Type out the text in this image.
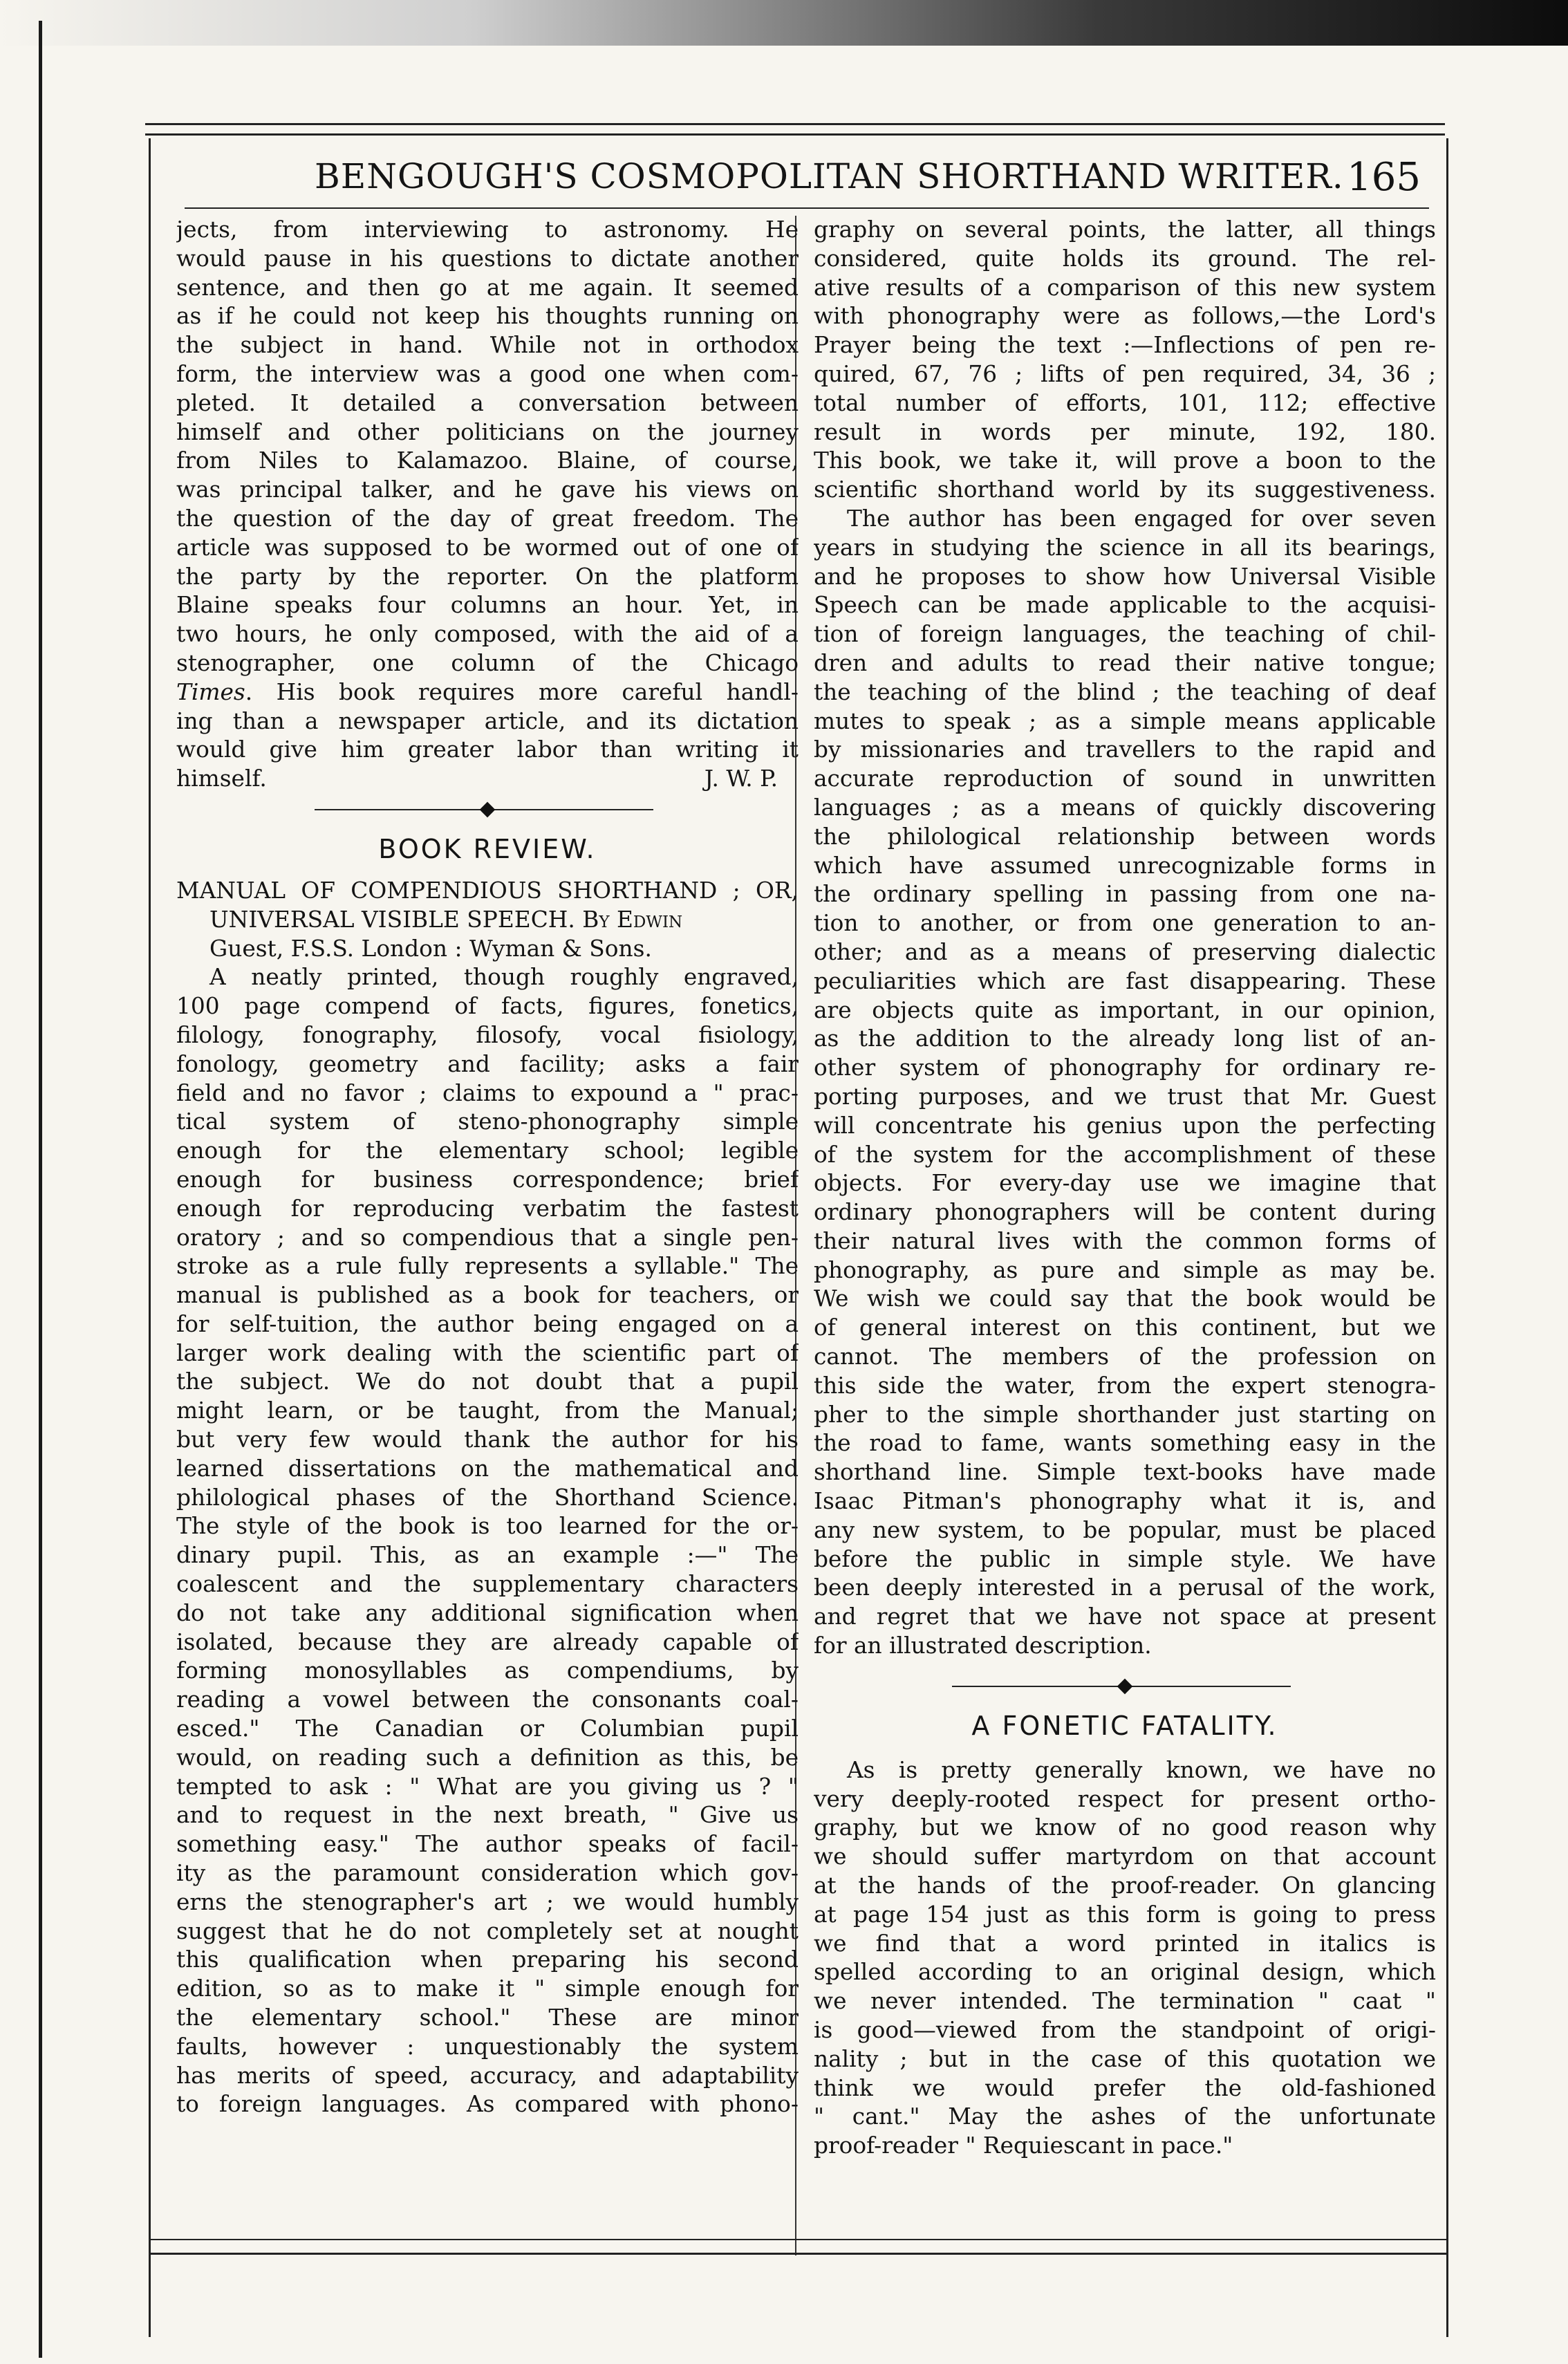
BENGOUGH'S COSMOPOLITAN SHORTHAND WRITER. 165

jects, from interviewing to astronomy. He

would pause in his questions to dictate another

sentence, and then go at me again. It seemed

as if he could not keep his thoughts running on

the subject in hand. While not in orthodox

form, the interview was a good one when com-

pleted. It detailed a conversation between

himself and other politicians on the journey

from Niles to Kalamazoo. Blaine, of course,

was principal talker, and he gave his views on

the question of the day of great freedom. The

article was supposed to be wormed out of one of

the party by the reporter. On the platform

Blaine speaks four columns an hour. Yet, in

two hours, he only composed, with the aid of a

stenographer, one column of the Chicago

Times. His book requires more careful handl-

ing than a newspaper article, and its dictation

would give him greater labor than writing it

himself.	J. W. P.
BOOK REVIEW.

MANUAL OF COMPENDIOUS SHORTHAND ; OR,

UNIVERSAL VISIBLE SPEECH. By Edwin

Guest, F.S.S. London : Wyman & Sons.

A neatly printed, though roughly engraved,

100 page compend of facts, figures, fonetics,

filology, fonography, filosofy, vocal fisiology,

fonology, geometry and facility; asks a fair

field and no favor ; claims to expound a " prac-

tical system of steno-phonography simple

enough for the elementary school; legible

enough for business correspondence; brief

enough for reproducing verbatim the fastest

oratory ; and so compendious that a single pen-

stroke as a rule fully represents a syllable." The

manual is published as a book for teachers, or

for self-tuition, the author being engaged on a

larger work dealing with the scientific part of

the subject. We do not doubt that a pupil

might learn, or be taught, from the Manual;

but very few would thank the author for his

learned dissertations on the mathematical and

philological phases of the Shorthand Science.

The style of the book is too learned for the or-

dinary pupil. This, as an example :—" The

coalescent and the supplementary characters

do not take any additional signification when

isolated, because they are already capable of

forming monosyllables as compendiums, by

reading a vowel between the consonants coal-

esced." The Canadian or Columbian pupil

would, on reading such a definition as this, be

tempted to ask : " What are you giving us ? "

and to request in the next breath, " Give us

something easy." The author speaks of facil-

ity as the paramount consideration which gov-

erns the stenographer's art ; we would humbly

suggest that he do not completely set at nought

this qualification when preparing his second

edition, so as to make it " simple enough for

the elementary school." These are minor

faults, however : unquestionably the system

has merits of speed, accuracy, and adaptability

to foreign languages. As compared with phono-

graphy on several points, the latter, all things

considered, quite holds its ground. The rel-

ative results of a comparison of this new system

with phonography were as follows,—the Lord's

Prayer being the text :—Inflections of pen re-

quired, 67, 76 ; lifts of pen required, 34, 36 ;

total number of efforts, 101, 112; effective

result in words per minute, 192, 180.

This book, we take it, will prove a boon to the

scientific shorthand world by its suggestiveness.

The author has been engaged for over seven

years in studying the science in all its bearings,

and he proposes to show how Universal Visible

Speech can be made applicable to the acquisi-

tion of foreign languages, the teaching of chil-

dren and adults to read their native tongue;

the teaching of the blind ; the teaching of deaf

mutes to speak ; as a simple means applicable

by missionaries and travellers to the rapid and

accurate reproduction of sound in unwritten

languages ; as a means of quickly discovering

the philological relationship between words

which have assumed unrecognizable forms in

the ordinary spelling in passing from one na-

tion to another, or from one generation to an-

other; and as a means of preserving dialectic

peculiarities which are fast disappearing. These

are objects quite as important, in our opinion,

as the addition to the already long list of an-

other system of phonography for ordinary re-

porting purposes, and we trust that Mr. Guest

will concentrate his genius upon the perfecting

of the system for the accomplishment of these

objects. For every-day use we imagine that

ordinary phonographers will be content during

their natural lives with the common forms of

phonography, as pure and simple as may be.

We wish we could say that the book would be

of general interest on this continent, but we

cannot. The members of the profession on

this side the water, from the expert stenogra-

pher to the simple shorthander just starting on

the road to fame, wants something easy in the

shorthand line. Simple text-books have made

Isaac Pitman's phonography what it is, and

any new system, to be popular, must be placed

before the public in simple style. We have

been deeply interested in a perusal of the work,

and regret that we have not space at present

for an illustrated description.

A FONETIC FATALITY.

As is pretty generally known, we have no

very deeply-rooted respect for present ortho-

graphy, but we know of no good reason why

we should suffer martyrdom on that account

at the hands of the proof-reader. On glancing

at page 154 just as this form is going to press

we find that a word printed in italics is

spelled according to an original design, which

we never intended. The termination " caat "

is good—viewed from the standpoint of origi-

nality ; but in the case of this quotation we

think we would prefer the old-fashioned

" cant." May the ashes of the unfortunate

proof-reader " Requiescant in pace."
